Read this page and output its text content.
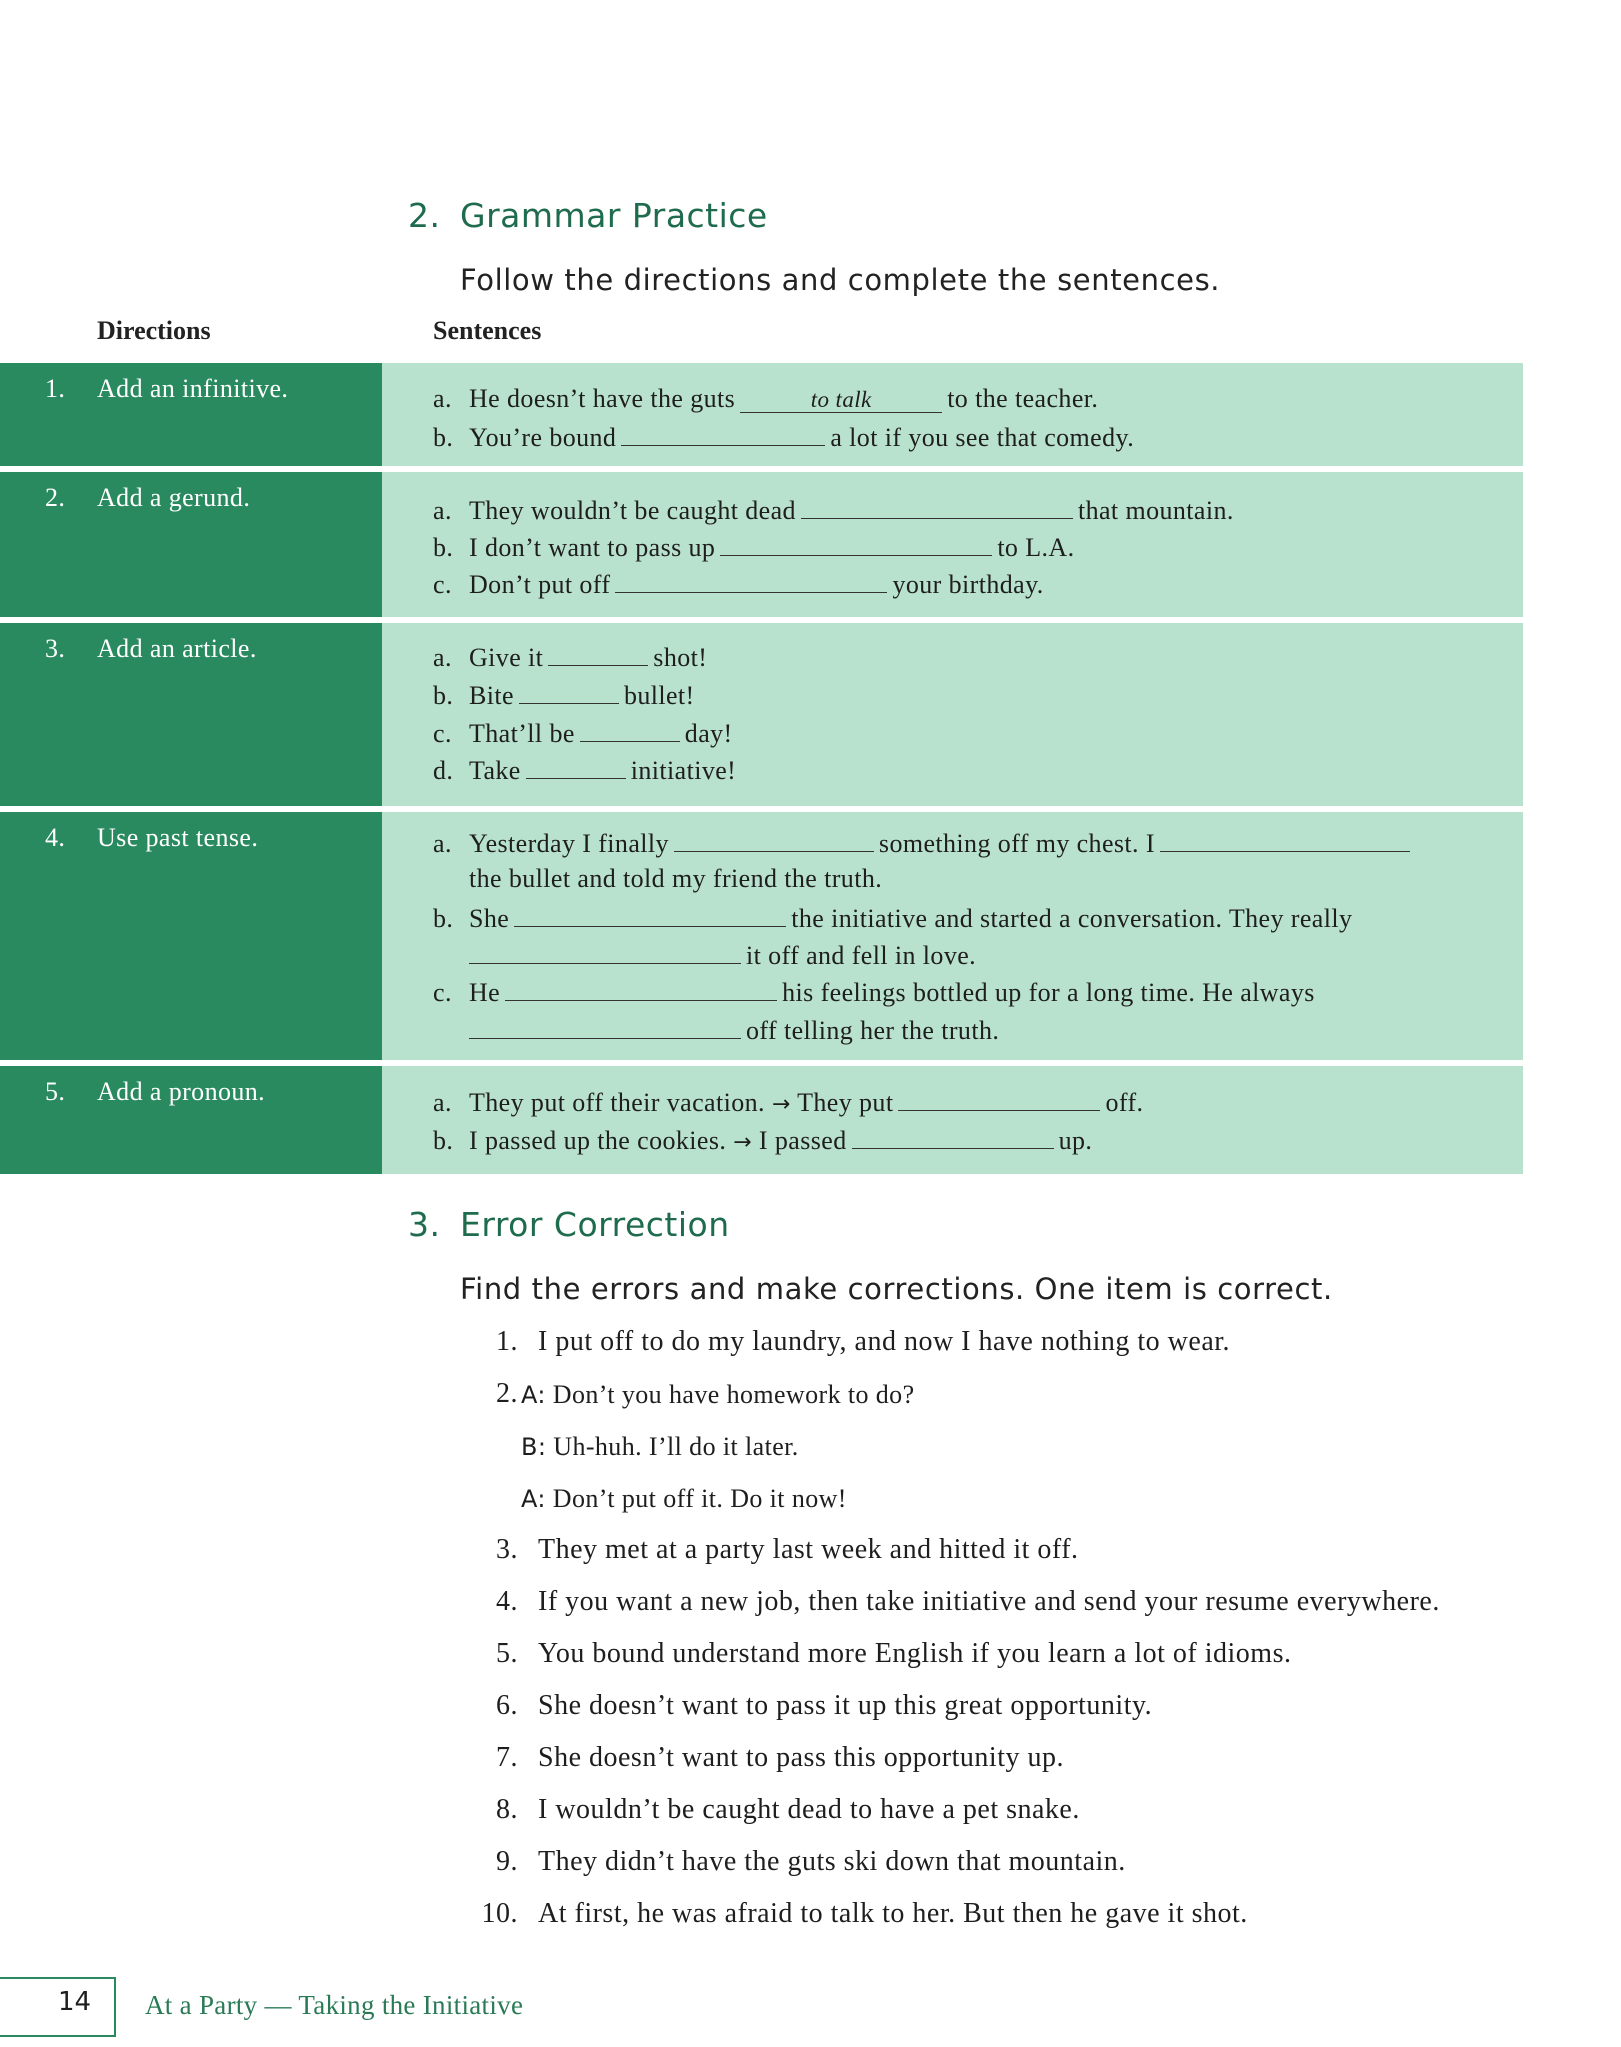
2. Grammar Practice
Follow the directions and complete the sentences.
Directions	Sentences
1. Add an infinitive.	a. He doesn’t have the guts	to talk	to the teacher.
b. You’re bound	a lot if you see that comedy.
2. Add a gerund.	a. They wouldn’t be caught dead	that mountain.
b. I don’t want to pass up	to L.A.
c. Don’t put off	your birthday.
3. Add an article.	a. Give it	shot!
b. Bite	bullet!
c. That’ll be	day!
d. Take	initiative!
4. Use past tense.	a. Yesterday I finally	something off my chest. I
the bullet and told my friend the truth.
b. She	the initiative and started a conversation. They really
it off and fell in love.
c. He	his feelings bottled up for a long time. He always
off telling her the truth.
5. Add a pronoun.	a. They put off their vacation. → They put	off.
b. I passed up the cookies. → I passed	up.
3. Error Correction
Find the errors and make corrections. One item is correct.
1. I put off to do my laundry, and now I have nothing to wear.
2. A: Don’t you have homework to do?
B: Uh-huh. I’ll do it later.
A: Don’t put off it. Do it now!
3. They met at a party last week and hitted it off.
4. If you want a new job, then take initiative and send your resume everywhere.
5. You bound understand more English if you learn a lot of idioms.
6. She doesn’t want to pass it up this great opportunity.
7. She doesn’t want to pass this opportunity up.
8. I wouldn’t be caught dead to have a pet snake.
9. They didn’t have the guts ski down that mountain.
10. At first, he was afraid to talk to her. But then he gave it shot.
14 At a Party — Taking the Initiative
